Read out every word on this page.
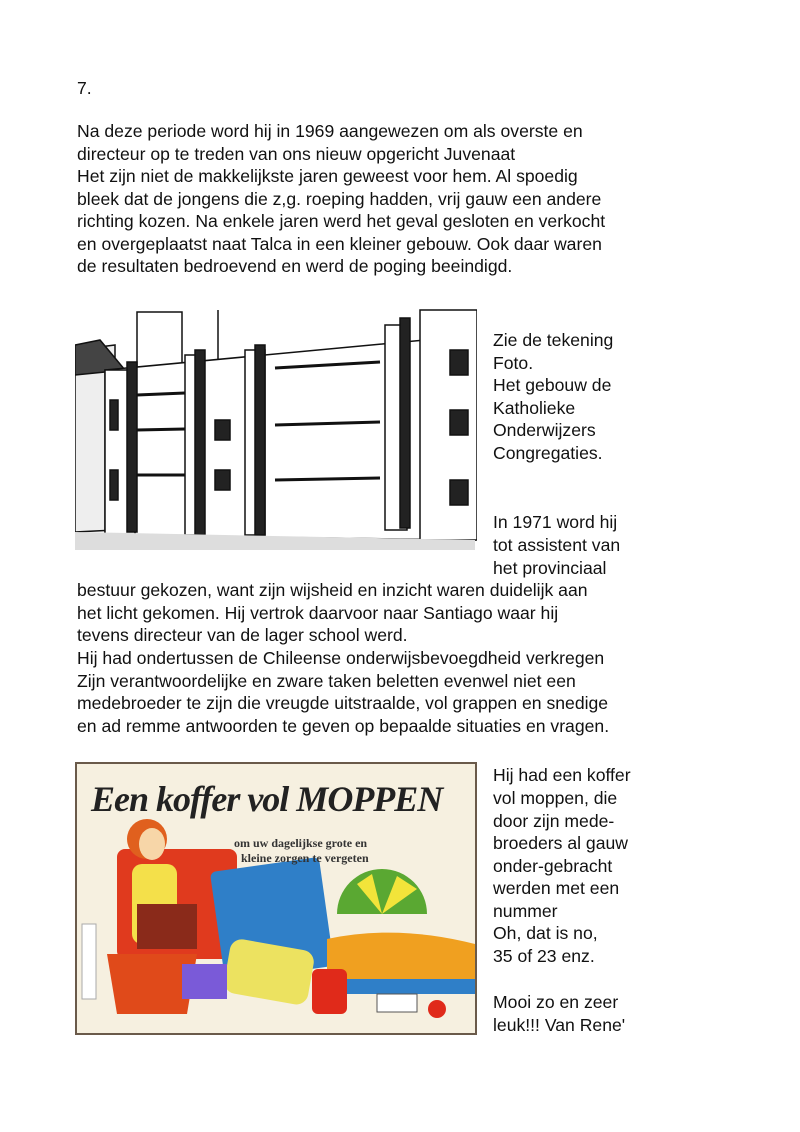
7.
Na deze periode word hij in 1969 aangewezen om als overste en
directeur op te treden van ons nieuw opgericht Juvenaat
Het zijn niet de makkelijkste jaren geweest voor hem. Al spoedig
bleek dat de jongens die z,g. roeping hadden, vrij gauw een andere
richting kozen. Na enkele jaren werd het geval gesloten en verkocht
en overgeplaatst naat Talca in een kleiner gebouw. Ook daar waren
de resultaten bedroevend en werd de poging beeindigd.
Zie de tekening
Foto.
Het gebouw de
Katholieke
Onderwijzers
Congregaties.
In 1971 word hij
tot assistent van
het provinciaal
bestuur gekozen, want zijn wijsheid en inzicht waren duidelijk aan
het licht gekomen. Hij vertrok daarvoor naar Santiago waar hij
tevens directeur van de lager school werd.
Hij had ondertussen de Chileense onderwijsbevoegdheid verkregen
Zijn verantwoordelijke en zware taken beletten evenwel niet een
medebroeder te zijn die vreugde uitstraalde, vol grappen en snedige
en ad remme antwoorden te geven op bepaalde situaties en vragen.
Een koffer vol MOPPEN
om uw dagelijkse grote en
kleine zorgen te vergeten
Hij had een koffer
vol moppen, die
door zijn mede-
broeders al gauw
onder-gebracht
werden met een
nummer
Oh, dat is no,
35 of 23 enz.
Mooi zo en zeer
leuk!!! Van Rene'
